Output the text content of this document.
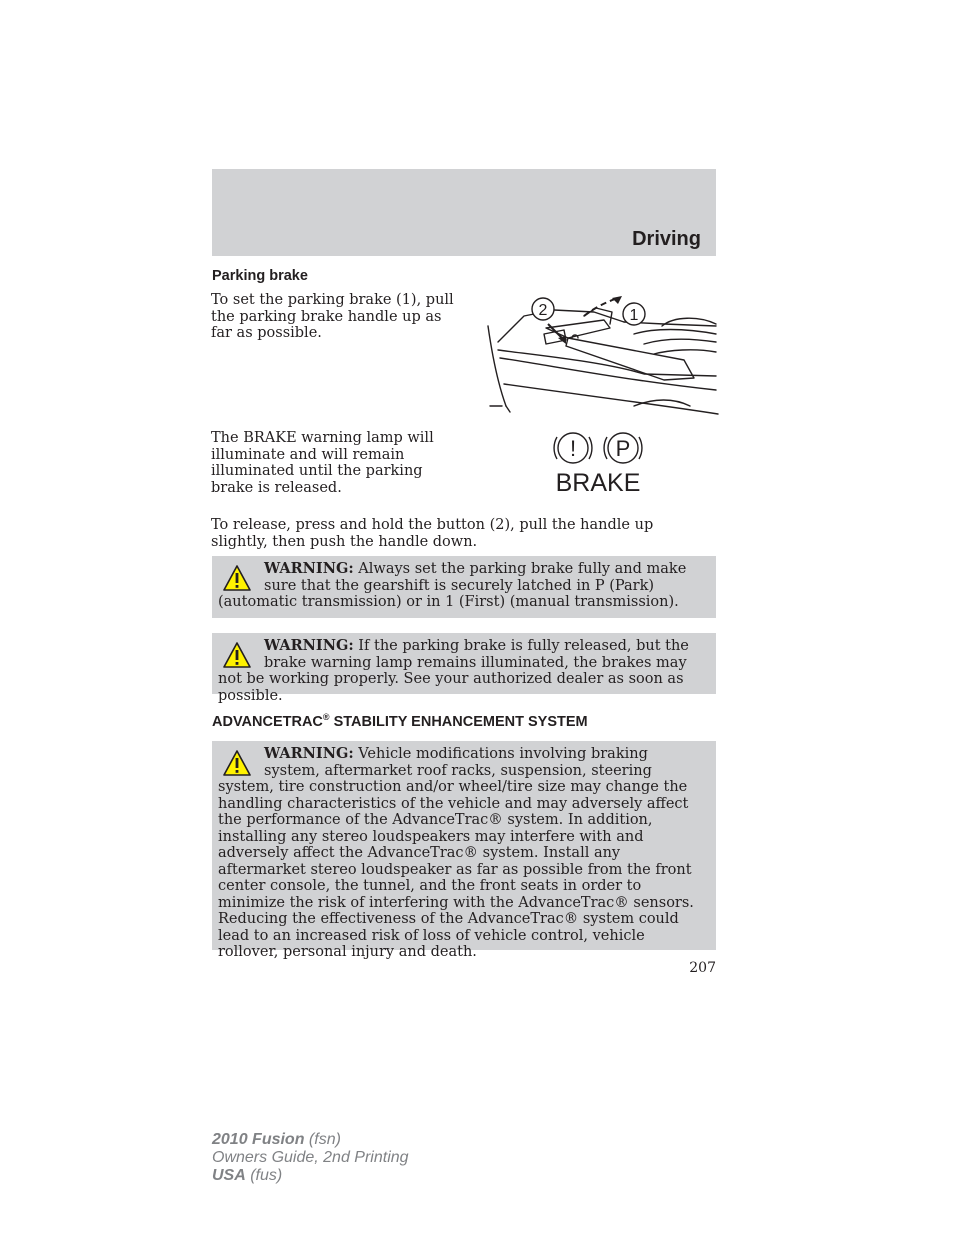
Driving
Parking brake

To set the parking brake (1), pull the parking brake handle up as far as possible.

2	1

The BRAKE warning lamp will illuminate and will remain illuminated until the parking brake is released.

! P
BRAKE

To release, press and hold the button (2), pull the handle up slightly, then push the handle down.

WARNING: Always set the parking brake fully and make sure that the gearshift is securely latched in P (Park) (automatic transmission) or in 1 (First) (manual transmission).

WARNING: If the parking brake is fully released, but the brake warning lamp remains illuminated, the brakes may not be working properly. See your authorized dealer as soon as possible.

ADVANCETRAC® STABILITY ENHANCEMENT SYSTEM

WARNING: Vehicle modifications involving braking system, aftermarket roof racks, suspension, steering system, tire construction and/or wheel/tire size may change the handling characteristics of the vehicle and may adversely affect the performance of the AdvanceTrac® system. In addition, installing any stereo loudspeakers may interfere with and adversely affect the AdvanceTrac® system. Install any aftermarket stereo loudspeaker as far as possible from the front center console, the tunnel, and the front seats in order to minimize the risk of interfering with the AdvanceTrac® sensors. Reducing the effectiveness of the AdvanceTrac® system could lead to an increased risk of loss of vehicle control, vehicle rollover, personal injury and death.

207
2010 Fusion (fsn)
Owners Guide, 2nd Printing
USA (fus)
